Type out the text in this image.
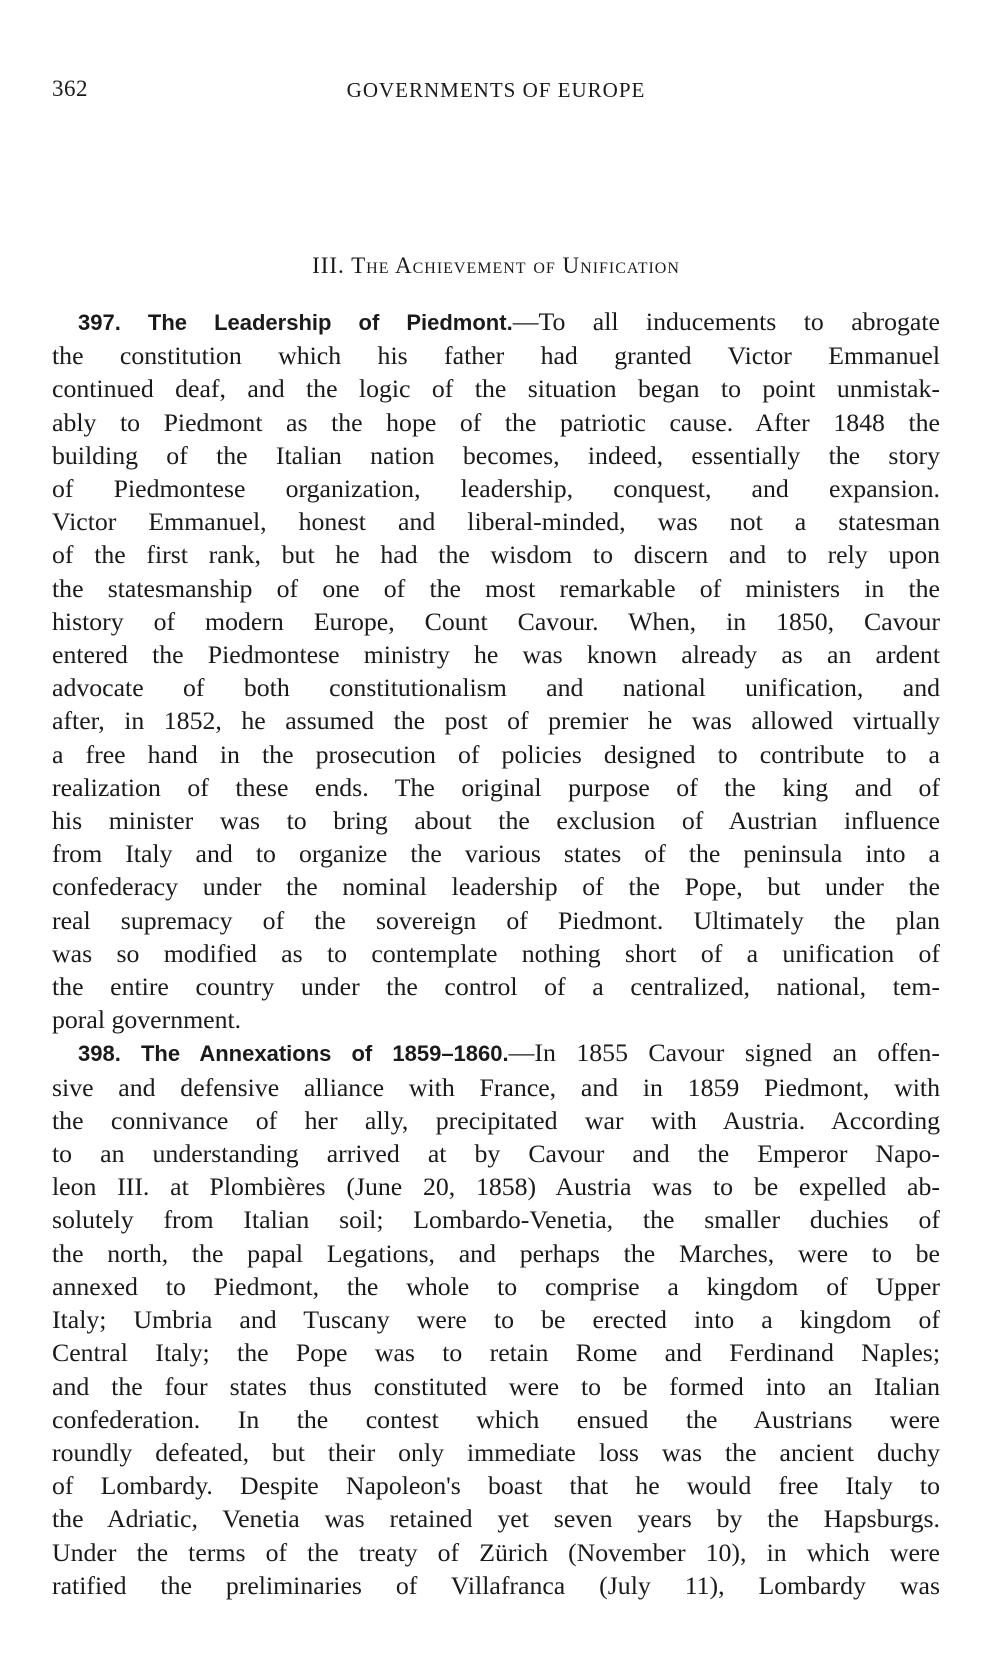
362	GOVERNMENTS OF EUROPE
III. The Achievement of Unification
397. The Leadership of Piedmont.—To all inducements to abrogate
the constitution which his father had granted Victor Emmanuel
continued deaf, and the logic of the situation began to point unmistak-
ably to Piedmont as the hope of the patriotic cause. After 1848 the
building of the Italian nation becomes, indeed, essentially the story
of Piedmontese organization, leadership, conquest, and expansion.
Victor Emmanuel, honest and liberal-minded, was not a statesman
of the first rank, but he had the wisdom to discern and to rely upon
the statesmanship of one of the most remarkable of ministers in the
history of modern Europe, Count Cavour. When, in 1850, Cavour
entered the Piedmontese ministry he was known already as an ardent
advocate of both constitutionalism and national unification, and
after, in 1852, he assumed the post of premier he was allowed virtually
a free hand in the prosecution of policies designed to contribute to a
realization of these ends. The original purpose of the king and of
his minister was to bring about the exclusion of Austrian influence
from Italy and to organize the various states of the peninsula into a
confederacy under the nominal leadership of the Pope, but under the
real supremacy of the sovereign of Piedmont. Ultimately the plan
was so modified as to contemplate nothing short of a unification of
the entire country under the control of a centralized, national, tem-
poral government.
398. The Annexations of 1859–1860.—In 1855 Cavour signed an offen-
sive and defensive alliance with France, and in 1859 Piedmont, with
the connivance of her ally, precipitated war with Austria. According
to an understanding arrived at by Cavour and the Emperor Napo-
leon III. at Plombières (June 20, 1858) Austria was to be expelled ab-
solutely from Italian soil; Lombardo-Venetia, the smaller duchies of
the north, the papal Legations, and perhaps the Marches, were to be
annexed to Piedmont, the whole to comprise a kingdom of Upper
Italy; Umbria and Tuscany were to be erected into a kingdom of
Central Italy; the Pope was to retain Rome and Ferdinand Naples;
and the four states thus constituted were to be formed into an Italian
confederation. In the contest which ensued the Austrians were
roundly defeated, but their only immediate loss was the ancient duchy
of Lombardy. Despite Napoleon's boast that he would free Italy to
the Adriatic, Venetia was retained yet seven years by the Hapsburgs.
Under the terms of the treaty of Zürich (November 10), in which were
ratified the preliminaries of Villafranca (July 11), Lombardy was
